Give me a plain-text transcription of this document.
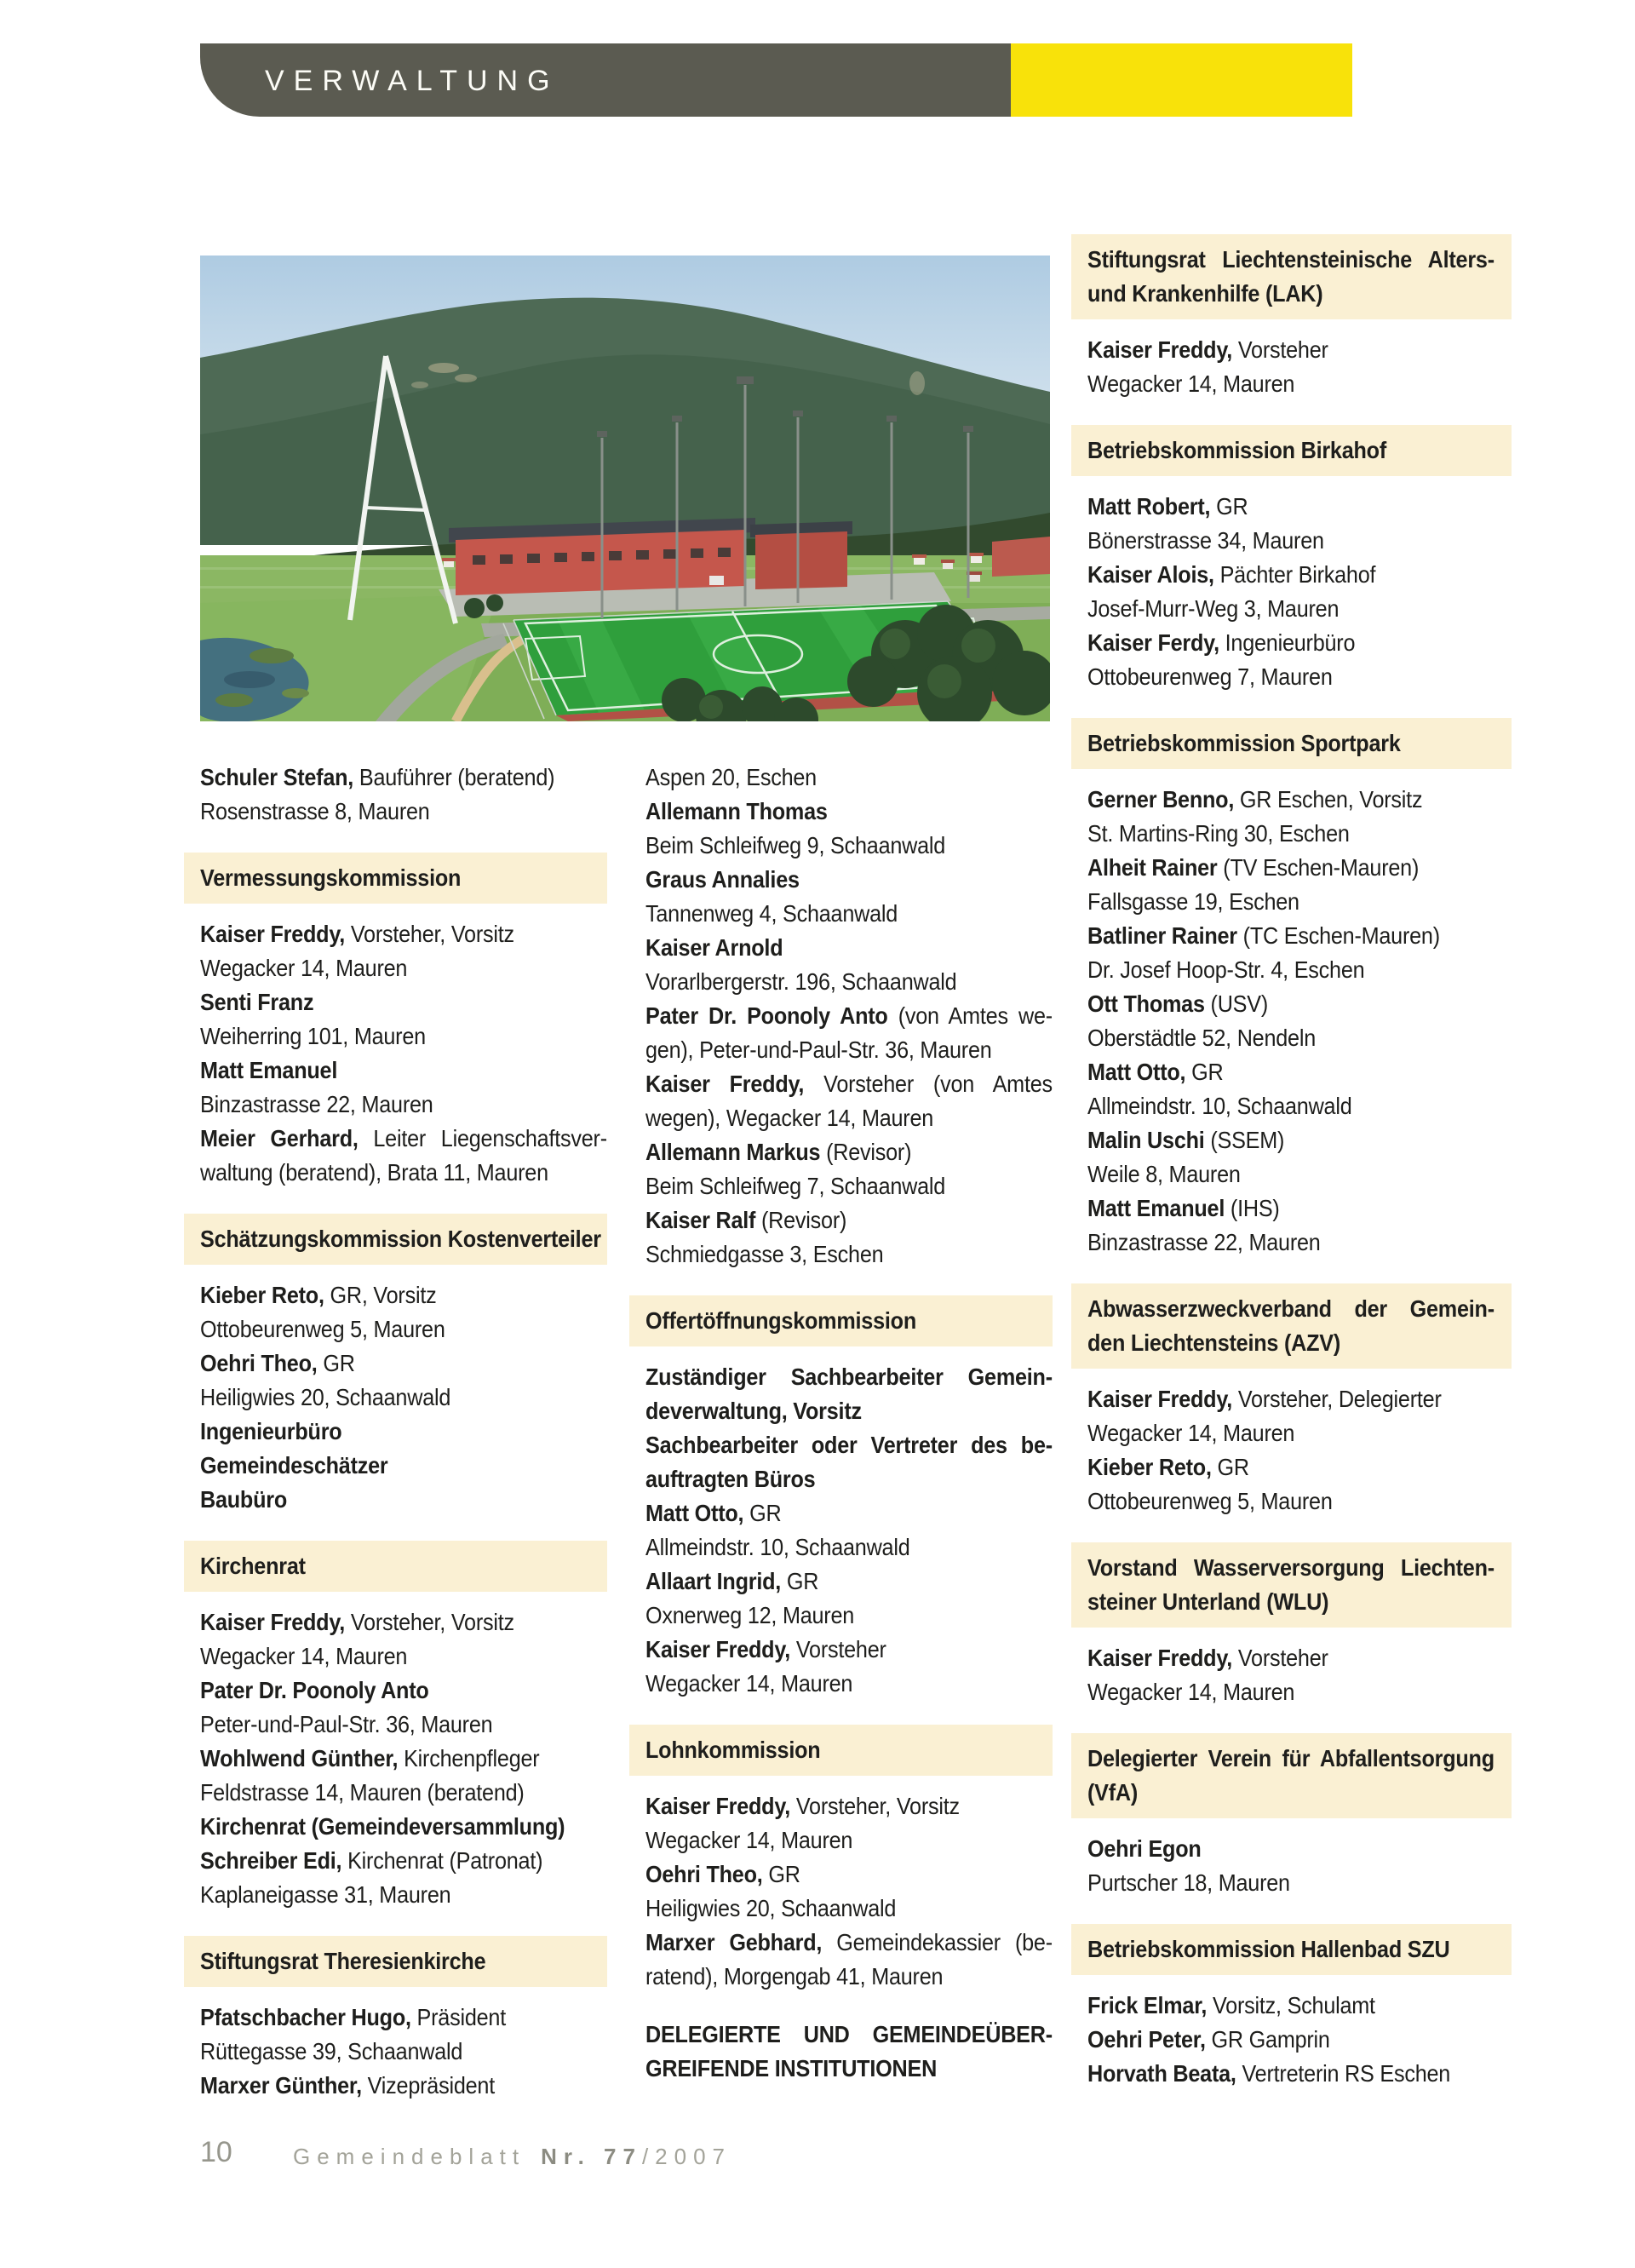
VERWALTUNG
Schuler Stefan, Bauführer (beratend)
Rosenstrasse 8, Mauren
Vermessungskommission
Kaiser Freddy, Vorsteher, Vorsitz
Wegacker 14, Mauren
Senti Franz
Weiherring 101, Mauren
Matt Emanuel
Binzastrasse 22, Mauren
Meier Gerhard, Leiter Liegenschaftsver-
waltung (beratend), Brata 11, Mauren
Schätzungskommission Kostenverteiler
Kieber Reto, GR, Vorsitz
Ottobeurenweg 5, Mauren
Oehri Theo, GR
Heiligwies 20, Schaanwald
Ingenieurbüro
Gemeindeschätzer
Baubüro
Kirchenrat
Kaiser Freddy, Vorsteher, Vorsitz
Wegacker 14, Mauren
Pater Dr. Poonoly Anto
Peter-und-Paul-Str. 36, Mauren
Wohlwend Günther, Kirchenpfleger
Feldstrasse 14, Mauren (beratend)
Kirchenrat (Gemeindeversammlung)
Schreiber Edi, Kirchenrat (Patronat)
Kaplaneigasse 31, Mauren
Stiftungsrat Theresienkirche
Pfatschbacher Hugo, Präsident
Rüttegasse 39, Schaanwald
Marxer Günther, Vizepräsident
Aspen 20, Eschen
Allemann Thomas
Beim Schleifweg 9, Schaanwald
Graus Annalies
Tannenweg 4, Schaanwald
Kaiser Arnold
Vorarlbergerstr. 196, Schaanwald
Pater Dr. Poonoly Anto (von Amtes we-
gen), Peter-und-Paul-Str. 36, Mauren
Kaiser Freddy, Vorsteher (von Amtes
wegen), Wegacker 14, Mauren
Allemann Markus (Revisor)
Beim Schleifweg 7, Schaanwald
Kaiser Ralf (Revisor)
Schmiedgasse 3, Eschen
Offertöffnungskommission
Zuständiger Sachbearbeiter Gemein-
deverwaltung, Vorsitz
Sachbearbeiter oder Vertreter des be-
auftragten Büros
Matt Otto, GR
Allmeindstr. 10, Schaanwald
Allaart Ingrid, GR
Oxnerweg 12, Mauren
Kaiser Freddy, Vorsteher
Wegacker 14, Mauren
Lohnkommission
Kaiser Freddy, Vorsteher, Vorsitz
Wegacker 14, Mauren
Oehri Theo, GR
Heiligwies 20, Schaanwald
Marxer Gebhard, Gemeindekassier (be-
ratend), Morgengab 41, Mauren
DELEGIERTE UND GEMEINDEÜBER-
GREIFENDE INSTITUTIONEN
Stiftungsrat Liechtensteinische Alters-
und Krankenhilfe (LAK)
Kaiser Freddy, Vorsteher
Wegacker 14, Mauren
Betriebskommission Birkahof
Matt Robert, GR
Bönerstrasse 34, Mauren
Kaiser Alois, Pächter Birkahof
Josef-Murr-Weg 3, Mauren
Kaiser Ferdy, Ingenieurbüro
Ottobeurenweg 7, Mauren
Betriebskommission Sportpark
Gerner Benno, GR Eschen, Vorsitz
St. Martins-Ring 30, Eschen
Alheit Rainer (TV Eschen-Mauren)
Fallsgasse 19, Eschen
Batliner Rainer (TC Eschen-Mauren)
Dr. Josef Hoop-Str. 4, Eschen
Ott Thomas (USV)
Oberstädtle 52, Nendeln
Matt Otto, GR
Allmeindstr. 10, Schaanwald
Malin Uschi (SSEM)
Weile 8, Mauren
Matt Emanuel (IHS)
Binzastrasse 22, Mauren
Abwasserzweckverband der Gemein-
den Liechtensteins (AZV)
Kaiser Freddy, Vorsteher, Delegierter
Wegacker 14, Mauren
Kieber Reto, GR
Ottobeurenweg 5, Mauren
Vorstand Wasserversorgung Liechten-
steiner Unterland (WLU)
Kaiser Freddy, Vorsteher
Wegacker 14, Mauren
Delegierter Verein für Abfallentsorgung
(VfA)
Oehri Egon
Purtscher 18, Mauren
Betriebskommission Hallenbad SZU
Frick Elmar, Vorsitz, Schulamt
Oehri Peter, GR Gamprin
Horvath Beata, Vertreterin RS Eschen
10	Gemeindeblatt Nr. 77/2007
